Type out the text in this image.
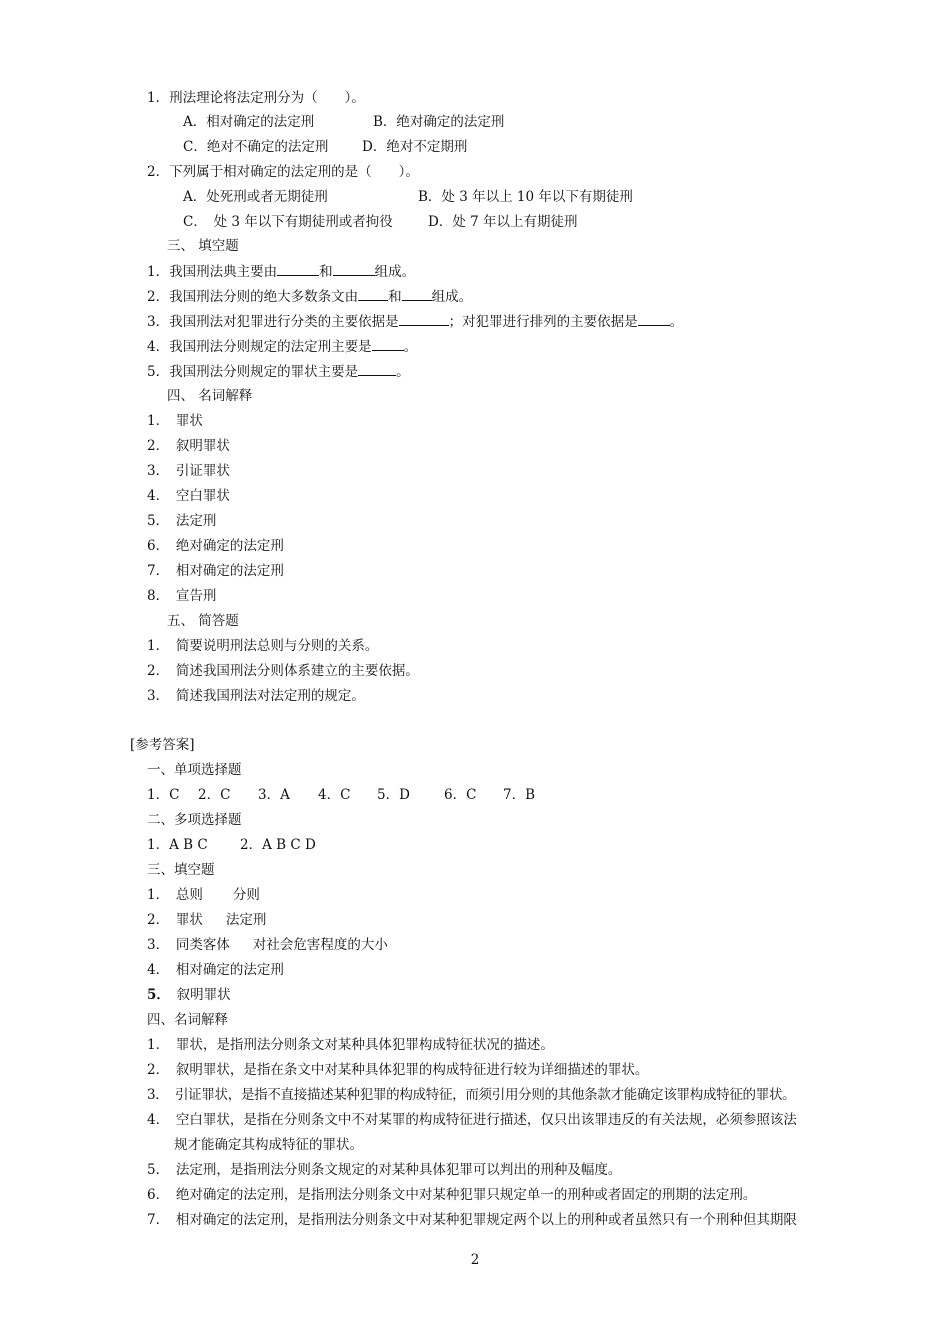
1．刑法理论将法定刑分为（　　）。
A．相对确定的法定刑	B．绝对确定的法定刑
C．绝对不确定的法定刑 D．绝对不定期刑
2．下列属于相对确定的法定刑的是（　　）。
A．处死刑或者无期徒刑	B．处 3 年以上 10 年以下有期徒刑
C．　处 3 年以下有期徒刑或者拘役	D．处 7 年以上有期徒刑
三、 填空题
1．我国刑法典主要由	和	组成。
2．我国刑法分则的绝大多数条文由 和 组成。
3．我国刑法对犯罪进行分类的主要依据是	；对犯罪进行排列的主要依据是 。
4．我国刑法分则规定的法定刑主要是 。
5．我国刑法分则规定的罪状主要是	。
四、 名词解释
1．　 罪状
2．　 叙明罪状
3．　 引证罪状
4．　 空白罪状
5．　 法定刑
6．　 绝对确定的法定刑
7．　 相对确定的法定刑
8．　 宣告刑
五、 简答题
1．　 简要说明刑法总则与分则的关系。
2．　 简述我国刑法分则体系建立的主要依据。
3．　 简述我国刑法对法定刑的规定。
[参考答案]
一、单项选择题
1．C 2．C 3．A 4．C 5．D	6．C 7．B
二、多项选择题
1．A B C 2．A B C D
三、填空题
1．　 总则 分则
2．　 罪状 法定刑
3．　 同类客体 对社会危害程度的大小
4．　 相对确定的法定刑
5．　 叙明罪状
四、名词解释
1．　 罪状，是指刑法分则条文对某种具体犯罪构成特征状况的描述。
2．　 叙明罪状，是指在条文中对某种具体犯罪的构成特征进行较为详细描述的罪状。
3．　 引证罪状，是指不直接描述某种犯罪的构成特征，而须引用分则的其他条款才能确定该罪构成特征的罪状。
4．　 空白罪状，是指在分则条文中不对某罪的构成特征进行描述，仅只出该罪违反的有关法规，必须参照该法
规才能确定其构成特征的罪状。
5．　 法定刑，是指刑法分则条文规定的对某种具体犯罪可以判出的刑种及幅度。
6．　 绝对确定的法定刑，是指刑法分则条文中对某种犯罪只规定单一的刑种或者固定的刑期的法定刑。
7．　 相对确定的法定刑，是指刑法分则条文中对某种犯罪规定两个以上的刑种或者虽然只有一个刑种但其期限
2
